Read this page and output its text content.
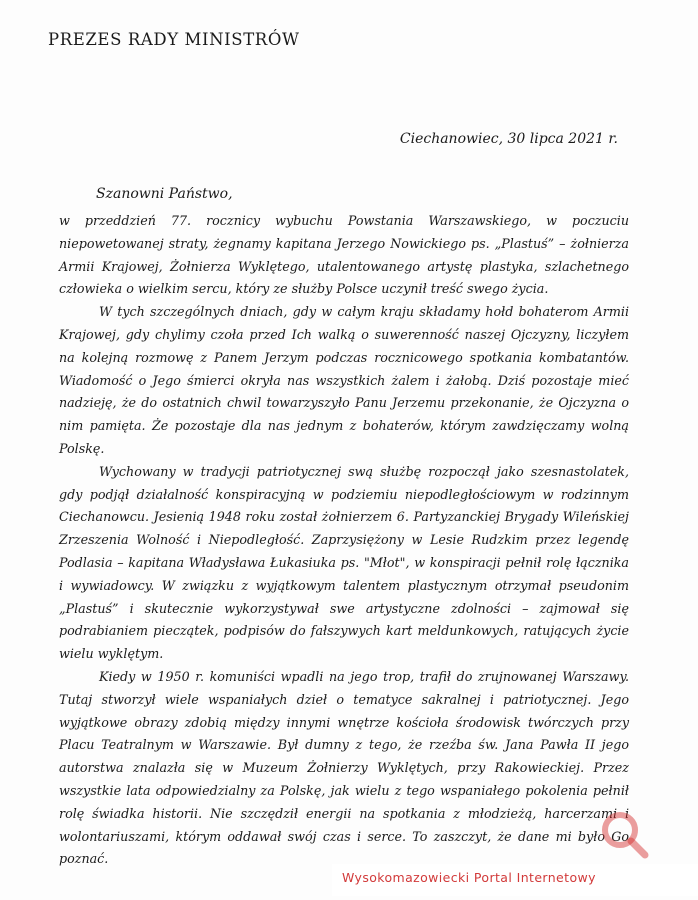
PREZES RADY MINISTRÓW
Ciechanowiec, 30 lipca 2021 r.
Szanowni Państwo,

w przeddzień 77. rocznicy wybuchu Powstania Warszawskiego, w poczuciu niepowetowanej straty, żegnamy kapitana Jerzego Nowickiego ps. „Plastuś” – żołnierza Armii Krajowej, Żołnierza Wyklętego, utalentowanego artystę plastyka, szlachetnego człowieka o wielkim sercu, który ze służby Polsce uczynił treść swego życia.

W tych szczególnych dniach, gdy w całym kraju składamy hołd bohaterom Armii Krajowej, gdy chylimy czoła przed Ich walką o suwerenność naszej Ojczyzny, liczyłem na kolejną rozmowę z Panem Jerzym podczas rocznicowego spotkania kombatantów. Wiadomość o Jego śmierci okryła nas wszystkich żalem i żałobą. Dziś pozostaje mieć nadzieję, że do ostatnich chwil towarzyszyło Panu Jerzemu przekonanie, że Ojczyzna o nim pamięta. Że pozostaje dla nas jednym z bohaterów, którym zawdzięczamy wolną Polskę.

Wychowany w tradycji patriotycznej swą służbę rozpoczął jako szesnastolatek, gdy podjął działalność konspiracyjną w podziemiu niepodległościowym w rodzinnym Ciechanowcu. Jesienią 1948 roku został żołnierzem 6. Partyzanckiej Brygady Wileńskiej Zrzeszenia Wolność i Niepodległość. Zaprzysiężony w Lesie Rudzkim przez legendę Podlasia – kapitana Władysława Łukasiuka ps. "Młot", w konspiracji pełnił rolę łącznika i wywiadowcy. W związku z wyjątkowym talentem plastycznym otrzymał pseudonim „Plastuś” i skutecznie wykorzystywał swe artystyczne zdolności – zajmował się podrabianiem pieczątek, podpisów do fałszywych kart meldunkowych, ratujących życie wielu wyklętym.

Kiedy w 1950 r. komuniści wpadli na jego trop, trafił do zrujnowanej Warszawy. Tutaj stworzył wiele wspaniałych dzieł o tematyce sakralnej i patriotycznej. Jego wyjątkowe obrazy zdobią między innymi wnętrze kościoła środowisk twórczych przy Placu Teatralnym w Warszawie. Był dumny z tego, że rzeźba św. Jana Pawła II jego autorstwa znalazła się w Muzeum Żołnierzy Wyklętych, przy Rakowieckiej. Przez wszystkie lata odpowiedzialny za Polskę, jak wielu z tego wspaniałego pokolenia pełnił rolę świadka historii. Nie szczędził energii na spotkania z młodzieżą, harcerzami i wolontariuszami, którym oddawał swój czas i serce. To zaszczyt, że dane mi było Go poznać.

Wysokomazowiecki Portal Internetowy
